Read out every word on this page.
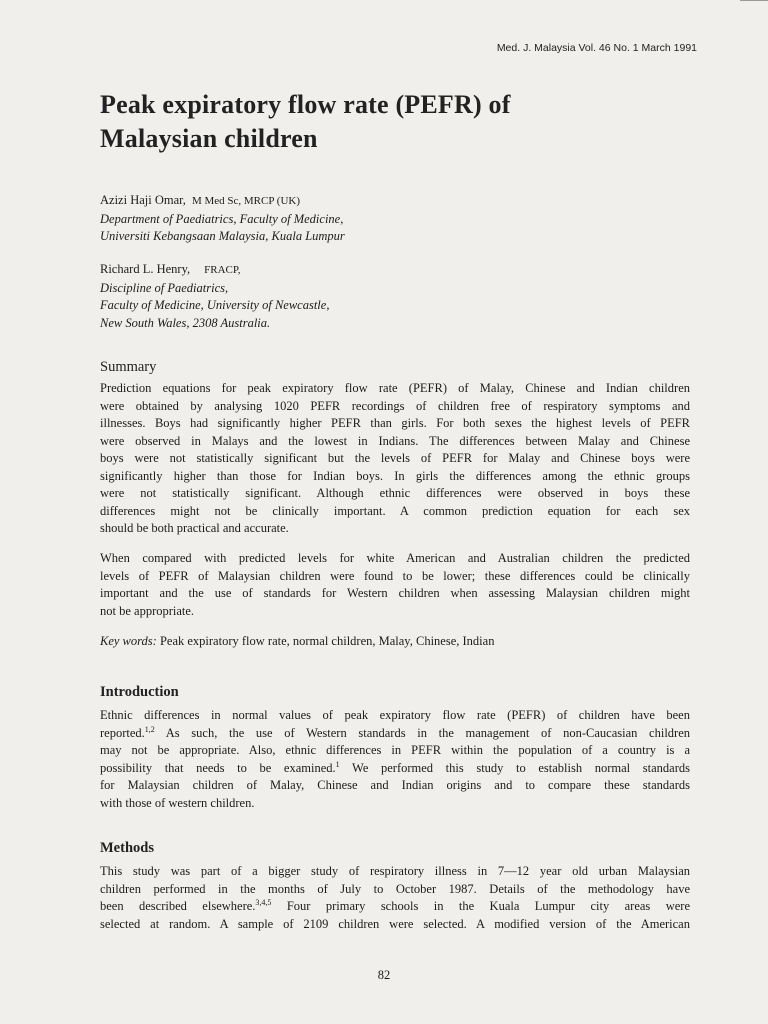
Med. J. Malaysia Vol. 46 No. 1 March 1991
Peak expiratory flow rate (PEFR) of
Malaysian children
Azizi Haji Omar, M Med Sc, MRCP (UK)
Department of Paediatrics, Faculty of Medicine,
Universiti Kebangsaan Malaysia, Kuala Lumpur
Richard L. Henry, FRACP,
Discipline of Paediatrics,
Faculty of Medicine, University of Newcastle,
New South Wales, 2308 Australia.
Summary

Prediction equations for peak expiratory flow rate (PEFR) of Malay, Chinese and Indian children
were obtained by analysing 1020 PEFR recordings of children free of respiratory symptoms and
illnesses. Boys had significantly higher PEFR than girls. For both sexes the highest levels of PEFR
were observed in Malays and the lowest in Indians. The differences between Malay and Chinese
boys were not statistically significant but the levels of PEFR for Malay and Chinese boys were
significantly higher than those for Indian boys. In girls the differences among the ethnic groups
were not statistically significant. Although ethnic differences were observed in boys these
differences might not be clinically important. A common prediction equation for each sex
should be both practical and accurate.

When compared with predicted levels for white American and Australian children the predicted
levels of PEFR of Malaysian children were found to be lower; these differences could be clinically
important and the use of standards for Western children when assessing Malaysian children might
not be appropriate.

Key words: Peak expiratory flow rate, normal children, Malay, Chinese, Indian
Introduction

Ethnic differences in normal values of peak expiratory flow rate (PEFR) of children have been
reported.$^{1,2}$ As such, the use of Western standards in the management of non-Caucasian children
may not be appropriate. Also, ethnic differences in PEFR within the population of a country is a
possibility that needs to be examined.$^1$ We performed this study to establish normal standards
for Malaysian children of Malay, Chinese and Indian origins and to compare these standards
with those of western children.

Methods

This study was part of a bigger study of respiratory illness in 7—12 year old urban Malaysian
children performed in the months of July to October 1987. Details of the methodology have
been described elsewhere.$^{3,4,5}$ Four primary schools in the Kuala Lumpur city areas were
selected at random. A sample of 2109 children were selected. A modified version of the American

82
